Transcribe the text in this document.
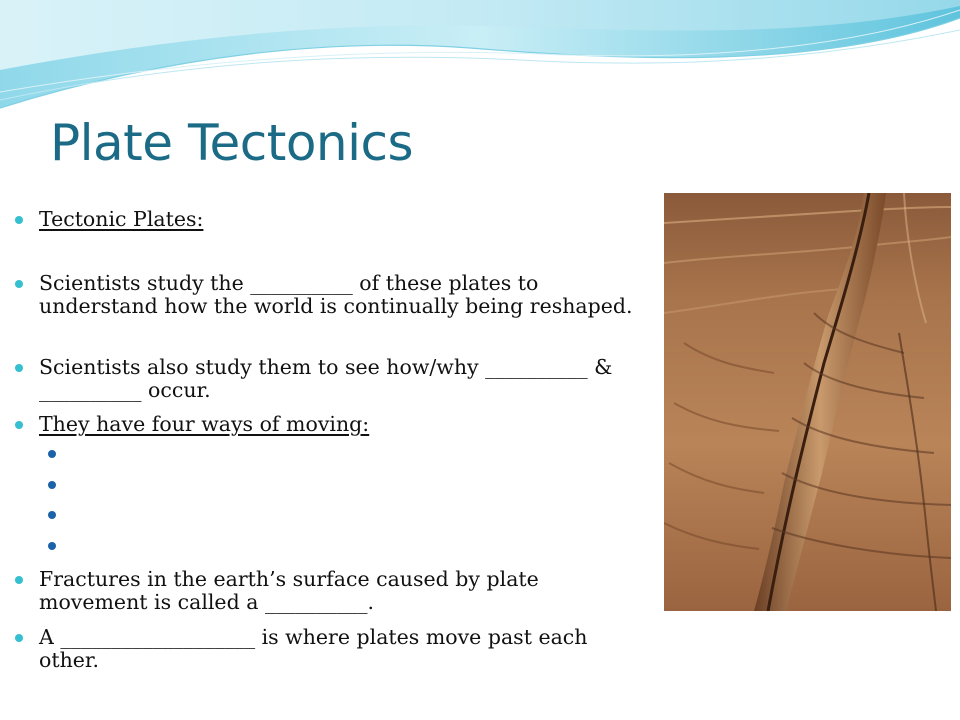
Plate Tectonics
Tectonic Plates:
Scientists study the __________ of these plates to understand how the world is continually being reshaped.
Scientists also study them to see how/why __________ & __________ occur.
They have four ways of moving:
Fractures in the earth’s surface caused by plate movement is called a __________.
A ___________________ is where plates move past each other.
